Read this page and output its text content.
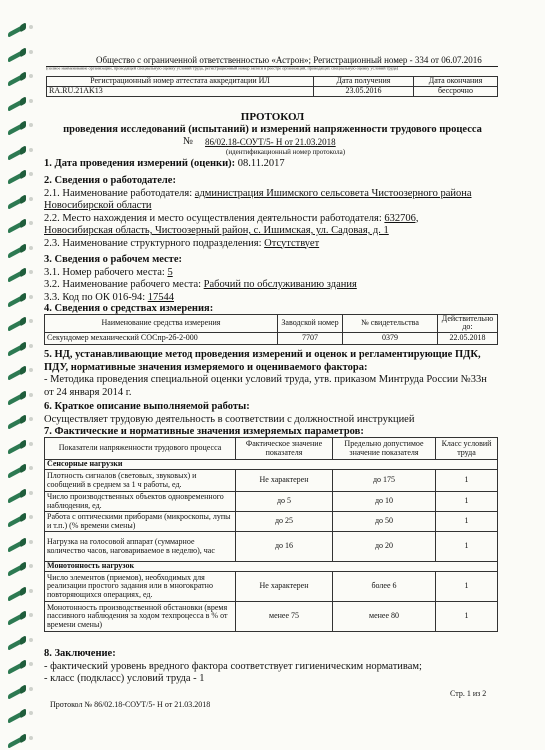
Общество с ограниченной ответственностью «Астрон»; Регистрационный номер - 334 от 06.07.2016
(полное наименование организации, проводящей специальную оценку условий труда, регистрационный номер записи в реестре организаций, проводящих специальную оценку условий труда)
Регистрационный номер аттестата аккредитации ИЛ	Дата получения	Дата окончания
RA.RU.21AK13	23.05.2016	бессрочно
ПРОТОКОЛ
проведения исследований (испытаний) и измерений напряженности трудового процесса
№ 86/02.18-СОУТ/5- Н от 21.03.2018
(идентификационный номер протокола)
1. Дата проведения измерений (оценки): 08.11.2017
2. Сведения о работодателе:
2.1. Наименование работодателя: администрация Ишимского сельсовета Чистоозерного района
Новосибирской области
2.2. Место нахождения и место осуществления деятельности работодателя: 632706,
Новосибирская область, Чистоозерный район, с. Ишимская, ул. Садовая, д. 1
2.3. Наименование структурного подразделения: Отсутствует
3. Сведения о рабочем месте:
3.1. Номер рабочего места: 5
3.2. Наименование рабочего места: Рабочий по обслуживанию здания
3.3. Код по ОК 016-94: 17544
4. Сведения о средствах измерения:
Наименование средства измерения	Заводской номер	№ свидетельства	Действительно до:
Секундомер механический СОСпр-2б-2-000	7707	0379	22.05.2018
5. НД, устанавливающие метод проведения измерений и оценок и регламентирующие ПДК,
ПДУ, нормативные значения измеряемого и оцениваемого фактора:
- Методика проведения специальной оценки условий труда, утв. приказом Минтруда России №33н
от 24 января 2014 г.
6. Краткое описание выполняемой работы:
Осуществляет трудовую деятельность в соответствии с должностной инструкцией
7. Фактические и нормативные значения измеряемых параметров:
Показатели напряженности трудового процесса	Фактическое значение показателя	Предельно допустимое значение показателя	Класс условий труда
Сенсорные нагрузки			
Плотность сигналов (световых, звуковых) и сообщений в среднем за 1 ч работы, ед.	Не характерен	до 175	1
Число производственных объектов одновременного наблюдения, ед.	до 5	до 10	1
Работа с оптическими приборами (микроскопы, лупы и т.п.) (% времени смены)	до 25	до 50	1
Нагрузка на голосовой аппарат (суммарное количество часов, наговариваемое в неделю), час	до 16	до 20	1
Монотонность нагрузок			
Число элементов (приемов), необходимых для реализации простого задания или в многократно повторяющихся операциях, ед.	Не характерен	более 6	1
Монотонность производственной обстановки (время пассивного наблюдения за ходом техпроцесса в % от времени смены)	менее 75	менее 80	1
8. Заключение:
- фактический уровень вредного фактора соответствует гигиеническим нормативам;
- класс (подкласс) условий труда - 1
Протокол № 86/02.18-СОУТ/5- Н от 21.03.2018
Стр. 1 из 2
